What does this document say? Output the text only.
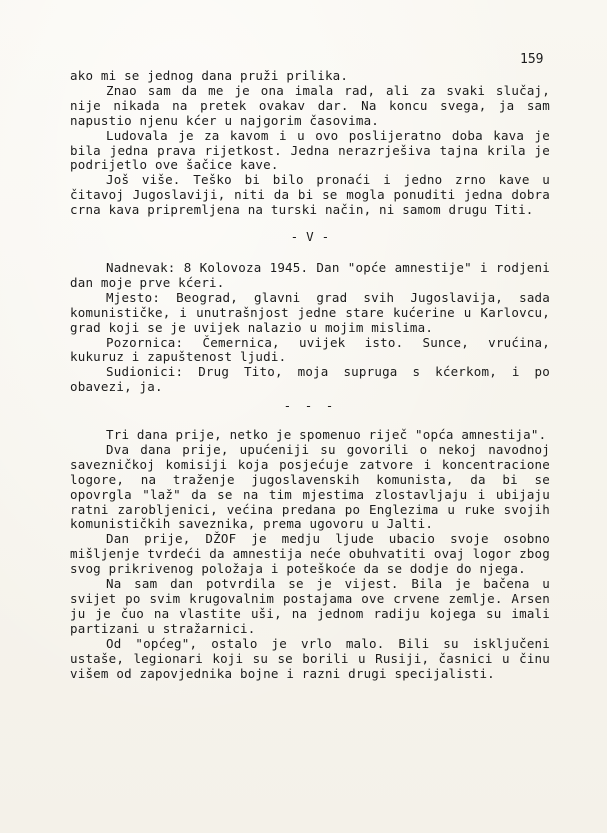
159
ako mi se jednog dana pruži prilika.
Znao sam da me je ona imala rad, ali za svaki slučaj, nije nikada na pretek ovakav dar. Na koncu svega, ja sam napustio njenu kćer u najgorim časovima.
Ludovala je za kavom i u ovo poslijeratno doba kava je bila jedna prava rijetkost. Jedna nerazrješiva tajna krila je podrijetlo ove šačice kave.
Još više. Teško bi bilo pronaći i jedno zrno kave u čitavoj Jugoslaviji, niti da bi se mogla ponuditi jedna dobra crna kava pripremljena na turski način, ni samom drugu Titi.
- V -
Nadnevak: 8 Kolovoza 1945. Dan "opće amnestije" i rodjeni dan moje prve kćeri.
Mjesto: Beograd, glavni grad svih Jugoslavija, sada komunističke, i unutrašnjost jedne stare kućerine u Karlovcu, grad koji se je uvijek nalazio u mojim mislima.
Pozornica: Čemernica, uvijek isto. Sunce, vrućina, kukuruz i zapuštenost ljudi.
Sudionici: Drug Tito, moja supruga s kćerkom, i po obavezi, ja.
- - -
Tri dana prije, netko je spomenuo riječ "opća amnestija".
Dva dana prije, upućeniji su govorili o nekoj navodnoj savezničkoj komisiji koja posjećuje zatvore i koncentracione logore, na traženje jugoslavenskih komunista, da bi se opovrgla "laž" da se na tim mjestima zlostavljaju i ubijaju ratni zarobljenici, većina predana po Englezima u ruke svojih komunističkih saveznika, prema ugovoru u Jalti.
Dan prije, DŽOF je medju ljude ubacio svoje osobno mišljenje tvrdeći da amnestija neće obuhvatiti ovaj logor zbog svog prikrivenog položaja i poteškoće da se dodje do njega.
Na sam dan potvrdila se je vijest. Bila je bačena u svijet po svim krugovalnim postajama ove crvene zemlje. Arsen ju je čuo na vlastite uši, na jednom radiju kojega su imali partizani u stražarnici.
Od "općeg", ostalo je vrlo malo. Bili su isključeni ustaše, legionari koji su se borili u Rusiji, časnici u činu višem od zapovjednika bojne i razni drugi specijalisti.
